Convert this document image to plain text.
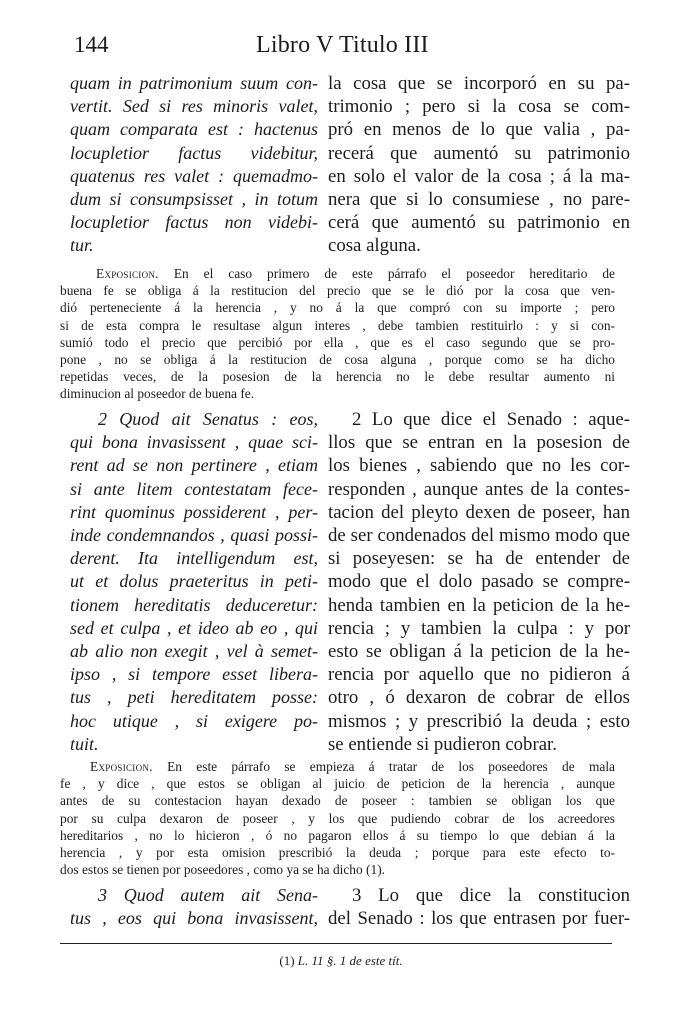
144	Libro V Titulo III
quam in patrimonium suum con-
vertit. Sed si res minoris valet,
quam comparata est : hactenus
locupletior factus videbitur,
quatenus res valet : quemadmo-
dum si consumpsisset , in totum
locupletior factus non videbi-
tur.
la cosa que se incorporó en su pa-
trimonio ; pero si la cosa se com-
pró en menos de lo que valia , pa-
recerá que aumentó su patrimonio
en solo el valor de la cosa ; á la ma-
nera que si lo consumiese , no pare-
cerá que aumentó su patrimonio en
cosa alguna.
Exposicion. En el caso primero de este párrafo el poseedor hereditario de
buena fe se obliga á la restitucion del precio que se le dió por la cosa que ven-
dió perteneciente á la herencia , y no á la que compró con su importe ; pero
si de esta compra le resultase algun interes , debe tambien restituirlo : y si con-
sumió todo el precio que percibió por ella , que es el caso segundo que se pro-
pone , no se obliga á la restitucion de cosa alguna , porque como se ha dicho
repetidas veces, de la posesion de la herencia no le debe resultar aumento ni
diminucion al poseedor de buena fe.
2 Quod ait Senatus : eos,
qui bona invasissent , quae sci-
rent ad se non pertinere , etiam
si ante litem contestatam fece-
rint quominus possiderent , per-
inde condemnandos , quasi possi-
derent. Ita intelligendum est,
ut et dolus praeteritus in peti-
tionem hereditatis deduceretur:
sed et culpa , et ideo ab eo , qui
ab alio non exegit , vel à semet-
ipso , si tempore esset libera-
tus , peti hereditatem posse:
hoc utique , si exigere po-
tuit.
2 Lo que dice el Senado : aque-
llos que se entran en la posesion de
los bienes , sabiendo que no les cor-
responden , aunque antes de la contes-
tacion del pleyto dexen de poseer, han
de ser condenados del mismo modo que
si poseyesen: se ha de entender de
modo que el dolo pasado se compre-
henda tambien en la peticion de la he-
rencia ; y tambien la culpa : y por
esto se obligan á la peticion de la he-
rencia por aquello que no pidieron á
otro , ó dexaron de cobrar de ellos
mismos ; y prescribió la deuda ; esto
se entiende si pudieron cobrar.
Exposicion. En este párrafo se empieza á tratar de los poseedores de mala
fe , y dice , que estos se obligan al juicio de peticion de la herencia , aunque
antes de su contestacion hayan dexado de poseer : tambien se obligan los que
por su culpa dexaron de poseer , y los que pudiendo cobrar de los acreedores
hereditarios , no lo hicieron , ó no pagaron ellos á su tiempo lo que debian á la
herencia , y por esta omision prescribió la deuda ; porque para este efecto to-
dos estos se tienen por poseedores , como ya se ha dicho (1).
3 Quod autem ait Sena-
tus , eos qui bona invasissent,
3 Lo que dice la constitucion
del Senado : los que entrasen por fuer-
(1) L. 11 §. 1 de este tít.
